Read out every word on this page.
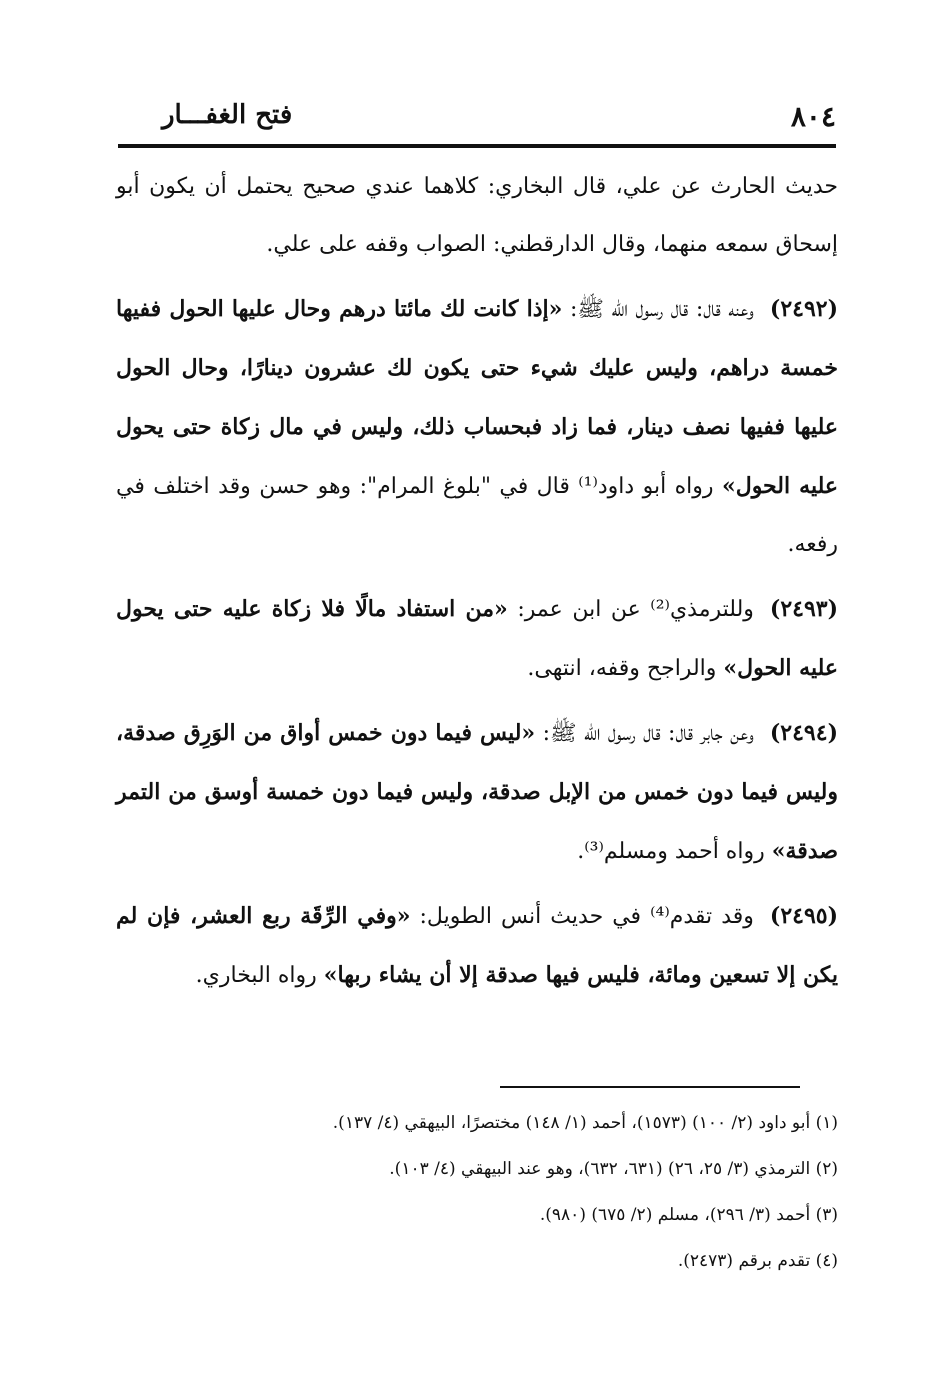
٨٠٤
فتح الغفـــار

حديث الحارث عن علي، قال البخاري: كلاهما عندي صحيح يحتمل أن يكون أبو إسحاق سمعه منهما، وقال الدارقطني: الصواب وقفه على علي.

(٢٤٩٢)وعنه قال: قال رسول الله ﷺ: «إذا كانت لك مائتا درهم وحال عليها الحول ففيها خمسة دراهم، وليس عليك شيء حتى يكون لك عشرون دينارًا، وحال الحول عليها ففيها نصف دينار، فما زاد فبحساب ذلك، وليس في مال زكاة حتى يحول عليه الحول» رواه أبو داود⁽¹⁾ قال في "بلوغ المرام": وهو حسن وقد اختلف في رفعه.

(٢٤٩٣)وللترمذي⁽²⁾ عن ابن عمر: «من استفاد مالًا فلا زكاة عليه حتى يحول عليه الحول» والراجح وقفه، انتهى.

(٢٤٩٤)وعن جابر قال: قال رسول الله ﷺ: «ليس فيما دون خمس أواق من الوَرِق صدقة، وليس فيما دون خمس من الإبل صدقة، وليس فيما دون خمسة أوسق من التمر صدقة» رواه أحمد ومسلم⁽³⁾.

(٢٤٩٥)وقد تقدم⁽⁴⁾ في حديث أنس الطويل: «وفي الرِّقَة ربع العشر، فإن لم يكن إلا تسعين ومائة، فليس فيها صدقة إلا أن يشاء ربها» رواه البخاري.

(١) أبو داود (٢/ ١٠٠) (١٥٧٣)، أحمد (١/ ١٤٨) مختصرًا، البيهقي (٤/ ١٣٧).

(٢) الترمذي (٣/ ٢٥، ٢٦) (٦٣١، ٦٣٢)، وهو عند البيهقي (٤/ ١٠٣).

(٣) أحمد (٣/ ٢٩٦)، مسلم (٢/ ٦٧٥) (٩٨٠).

(٤) تقدم برقم (٢٤٧٣).
